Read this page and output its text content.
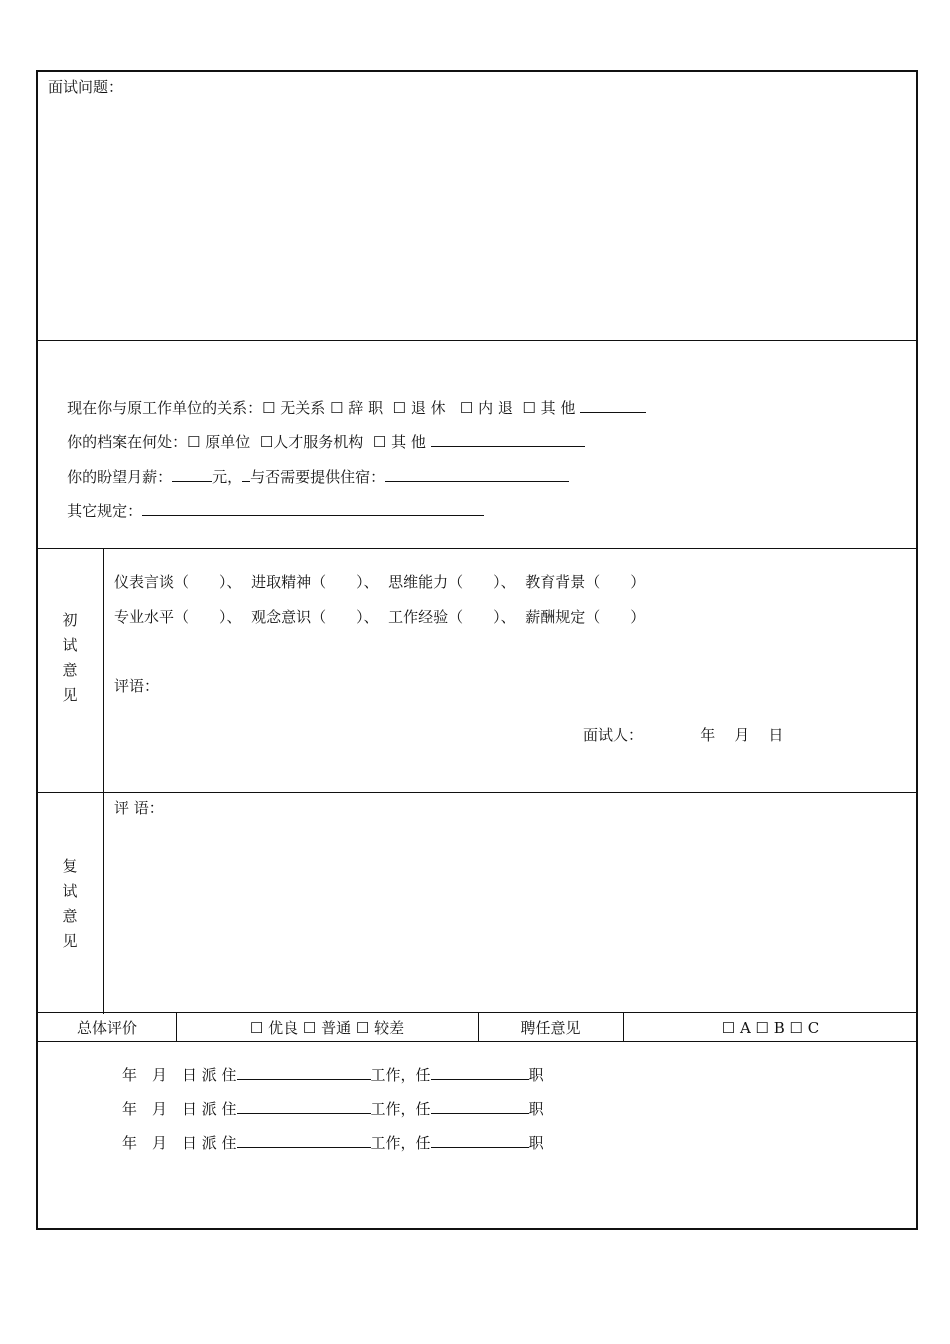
面试问题：

现在你与原工作单位的关系：☐ 无关系 ☐ 辞 职 ☐ 退 休 ☐ 内 退 ☐ 其 他

你的档案在何处：☐ 原单位 ☐人才服务机构 ☐ 其 他

你的盼望月薪：	元， 与否需要提供住宿：

其它规定：

初
试
意
见
仪表言谈（　　）、 进取精神（　　）、 思维能力（　　）、 教育背景（　　）
专业水平（　　）、 观念意识（　　）、 工作经验（　　）、 薪酬规定（　　）
评语：
面试人：	年 月 日
复
试
意
见
评 语：
总体评价	☐ 优良 ☐ 普通 ☐ 较差	聘任意见	☐ A ☐ B ☐ C
年　月　日 派 住	工作，任	职
年　月　日 派 住	工作，任	职
年　月　日 派 住	工作，任	职
